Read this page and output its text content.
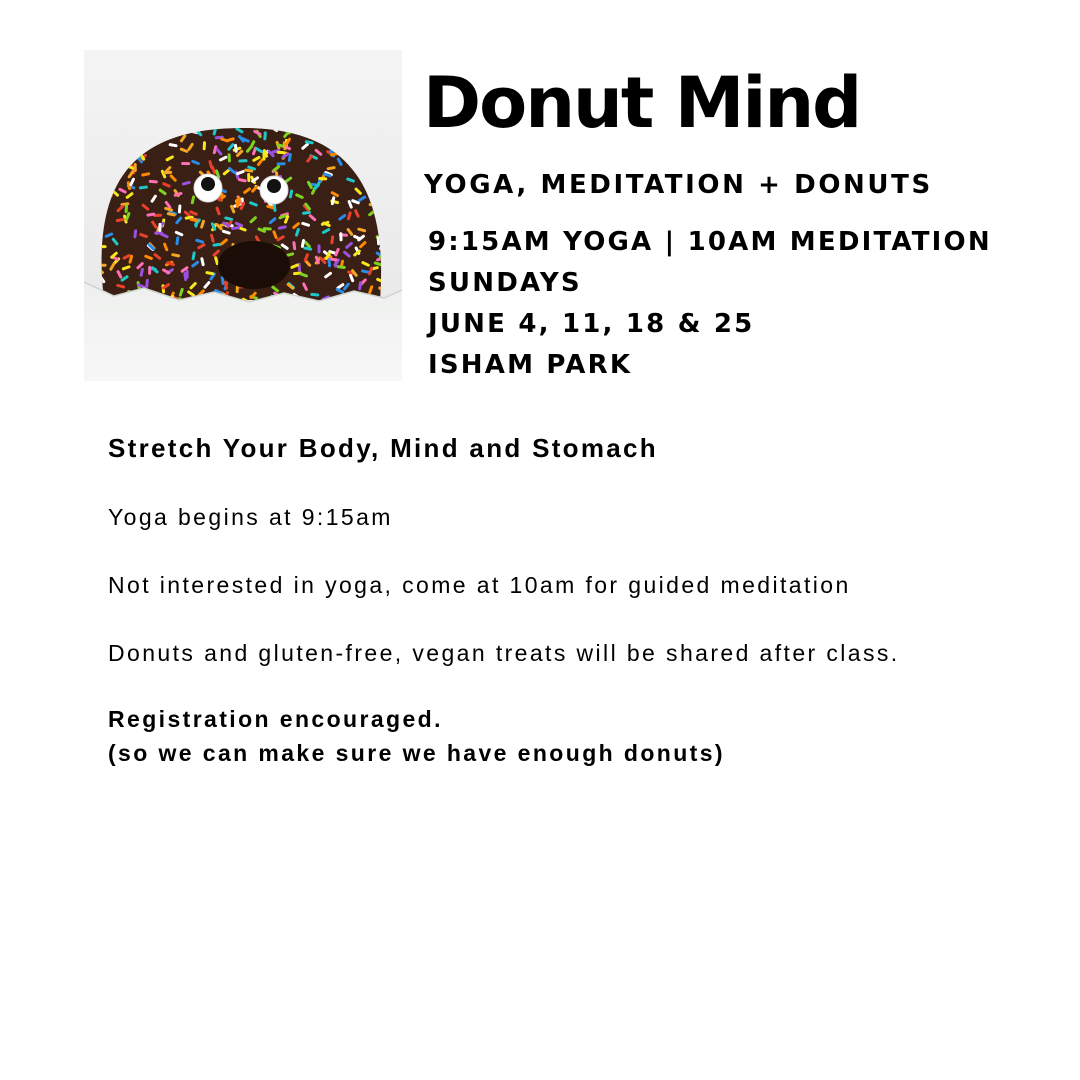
Donut Mind

YOGA, MEDITATION + DONUTS

9:15AM YOGA | 10AM MEDITATION
SUNDAYS
JUNE 4, 11, 18 & 25
ISHAM PARK

Stretch Your Body, Mind and Stomach

Yoga begins at 9:15am

Not interested in yoga, come at 10am for guided meditation

Donuts and gluten-free, vegan treats will be shared after class.

Registration encouraged.
(so we can make sure we have enough donuts)
